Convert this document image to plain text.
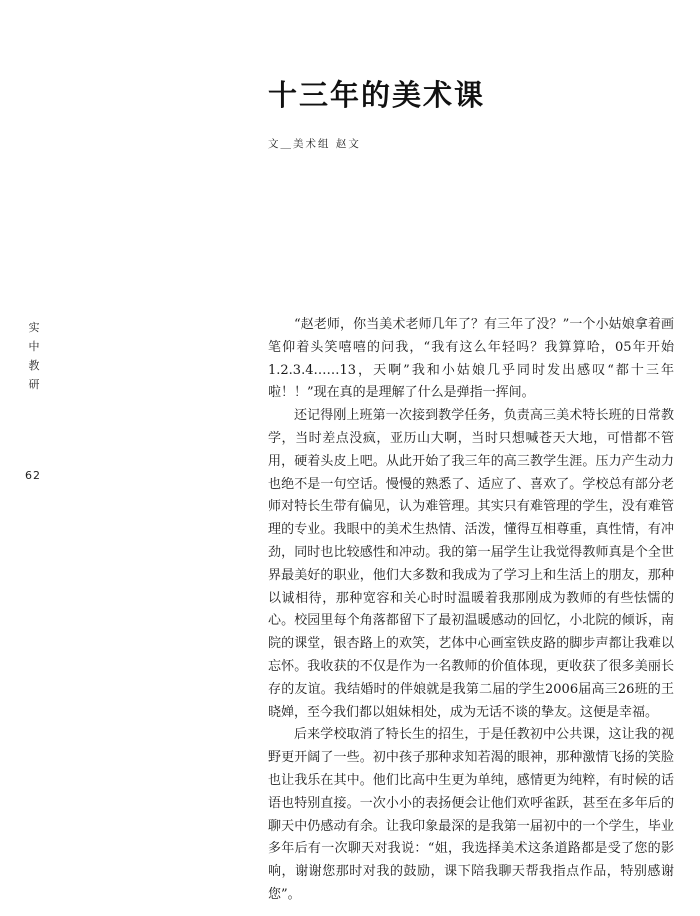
实
中
教
研
62
十三年的美术课
文＿美术组 赵文

“赵老师，你当美术老师几年了？有三年了没？”一个小姑娘拿着画笔仰着头笑嘻嘻的问我，“我有这么年轻吗？我算算哈，05年开始1.2.3.4……13，天啊”我和小姑娘几乎同时发出感叹“都十三年啦！！”现在真的是理解了什么是弹指一挥间。

还记得刚上班第一次接到教学任务，负责高三美术特长班的日常教学，当时差点没疯，亚历山大啊，当时只想喊苍天大地，可惜都不管用，硬着头皮上吧。从此开始了我三年的高三教学生涯。压力产生动力也绝不是一句空话。慢慢的熟悉了、适应了、喜欢了。学校总有部分老师对特长生带有偏见，认为难管理。其实只有难管理的学生，没有难管理的专业。我眼中的美术生热情、活泼，懂得互相尊重，真性情，有冲劲，同时也比较感性和冲动。我的第一届学生让我觉得教师真是个全世界最美好的职业，他们大多数和我成为了学习上和生活上的朋友，那种以诚相待，那种宽容和关心时时温暖着我那刚成为教师的有些怯懦的心。校园里每个角落都留下了最初温暖感动的回忆，小北院的倾诉，南院的课堂，银杏路上的欢笑，艺体中心画室铁皮路的脚步声都让我难以忘怀。我收获的不仅是作为一名教师的价值体现，更收获了很多美丽长存的友谊。我结婚时的伴娘就是我第二届的学生2006届高三26班的王晓婵，至今我们都以姐妹相处，成为无话不谈的挚友。这便是幸福。

后来学校取消了特长生的招生，于是任教初中公共课，这让我的视野更开阔了一些。初中孩子那种求知若渴的眼神，那种激情飞扬的笑脸也让我乐在其中。他们比高中生更为单纯，感情更为纯粹，有时候的话语也特别直接。一次小小的表扬便会让他们欢呼雀跃，甚至在多年后的聊天中仍感动有余。让我印象最深的是我第一届初中的一个学生，毕业多年后有一次聊天对我说：“姐，我选择美术这条道路都是受了您的影响，谢谢您那时对我的鼓励，课下陪我聊天帮我指点作品，特别感谢您”。
